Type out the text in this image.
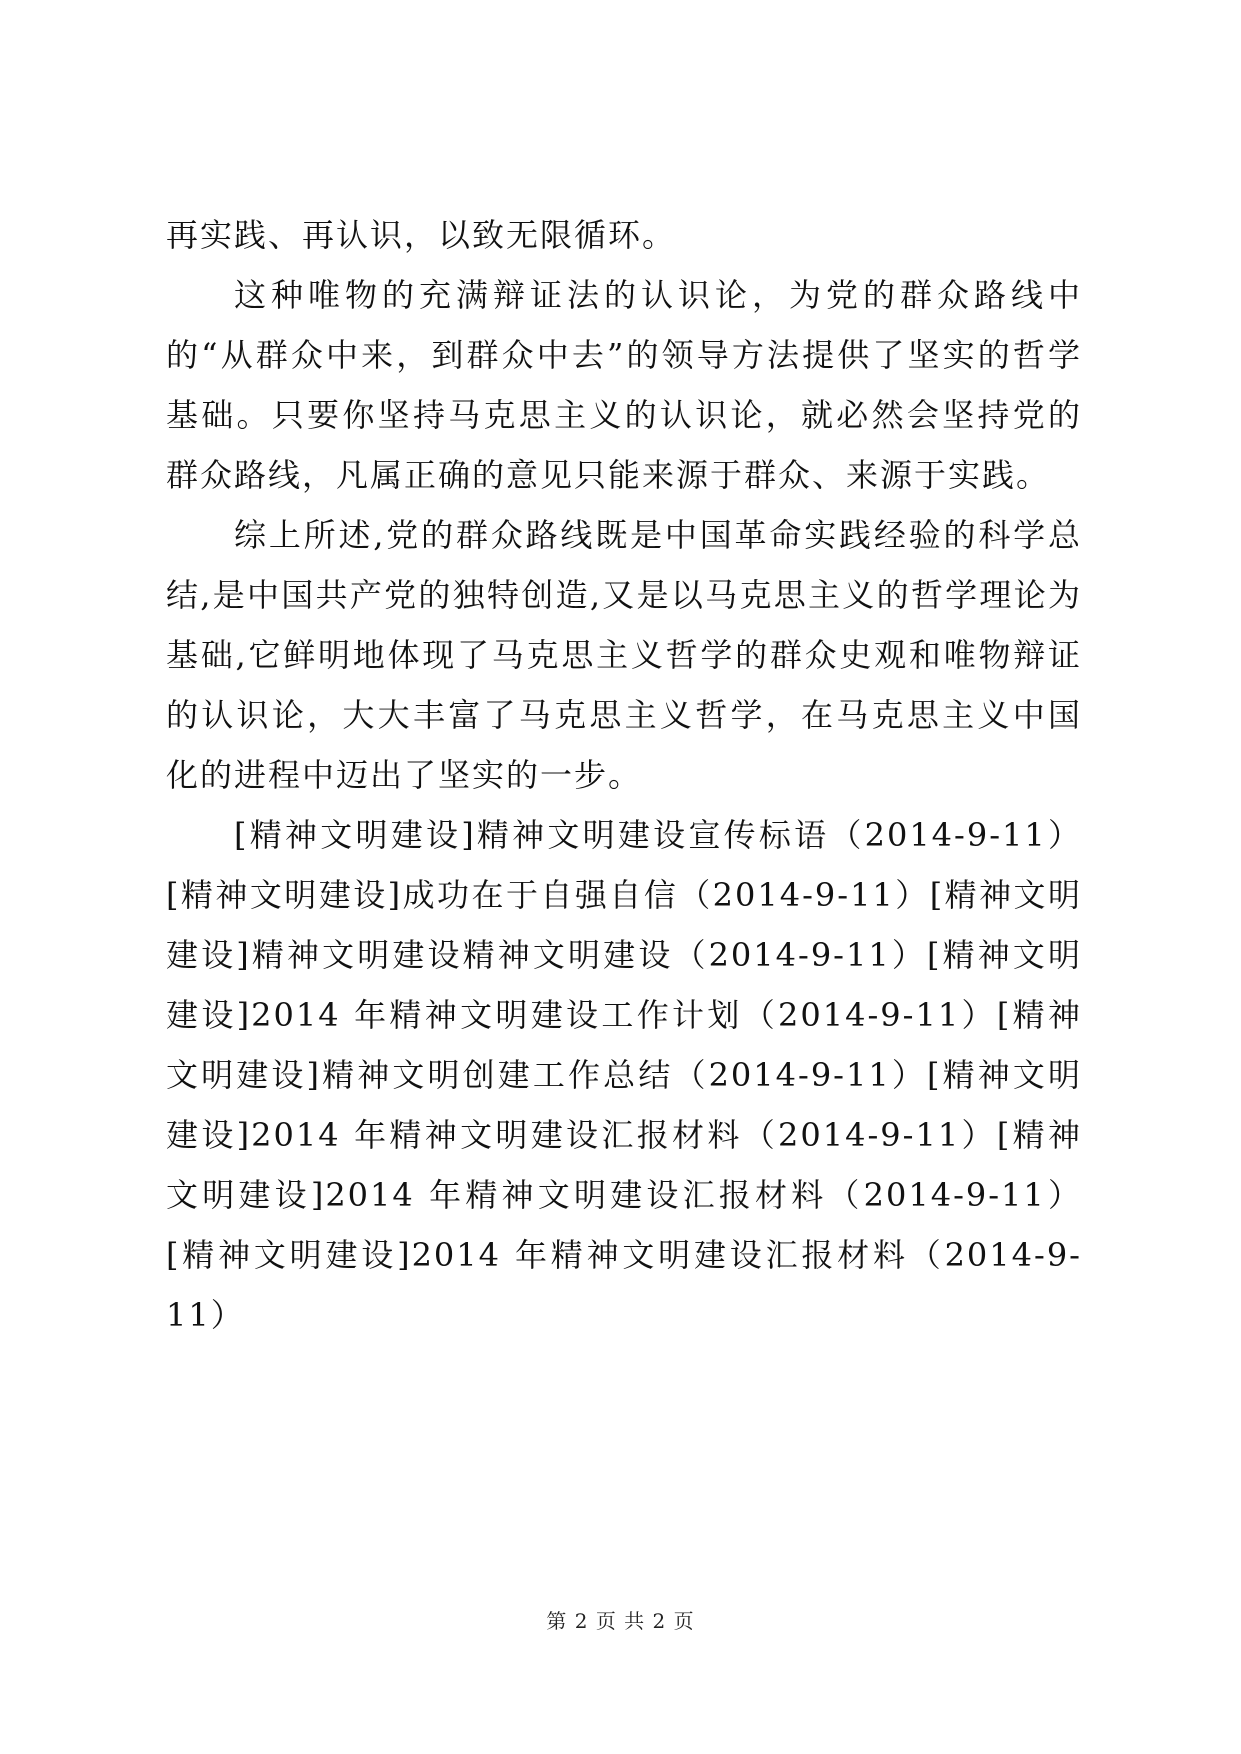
再实践、再认识，以致无限循环。

这种唯物的充满辩证法的认识论，为党的群众路线中的“从群众中来，到群众中去”的领导方法提供了坚实的哲学基础。只要你坚持马克思主义的认识论，就必然会坚持党的群众路线，凡属正确的意见只能来源于群众、来源于实践。

综上所述,党的群众路线既是中国革命实践经验的科学总结,是中国共产党的独特创造,又是以马克思主义的哲学理论为基础,它鲜明地体现了马克思主义哲学的群众史观和唯物辩证的认识论，大大丰富了马克思主义哲学，在马克思主义中国化的进程中迈出了坚实的一步。

[精神文明建设]精神文明建设宣传标语（2014-9-11）[精神文明建设]成功在于自强自信（2014-9-11）[精神文明建设]精神文明建设精神文明建设（2014-9-11）[精神文明建设]2014 年精神文明建设工作计划（2014-9-11）[精神文明建设]精神文明创建工作总结（2014-9-11）[精神文明建设]2014 年精神文明建设汇报材料（2014-9-11）[精神文明建设]2014 年精神文明建设汇报材料（2014-9-11）[精神文明建设]2014 年精神文明建设汇报材料（2014-9-11）

第 2 页 共 2 页
